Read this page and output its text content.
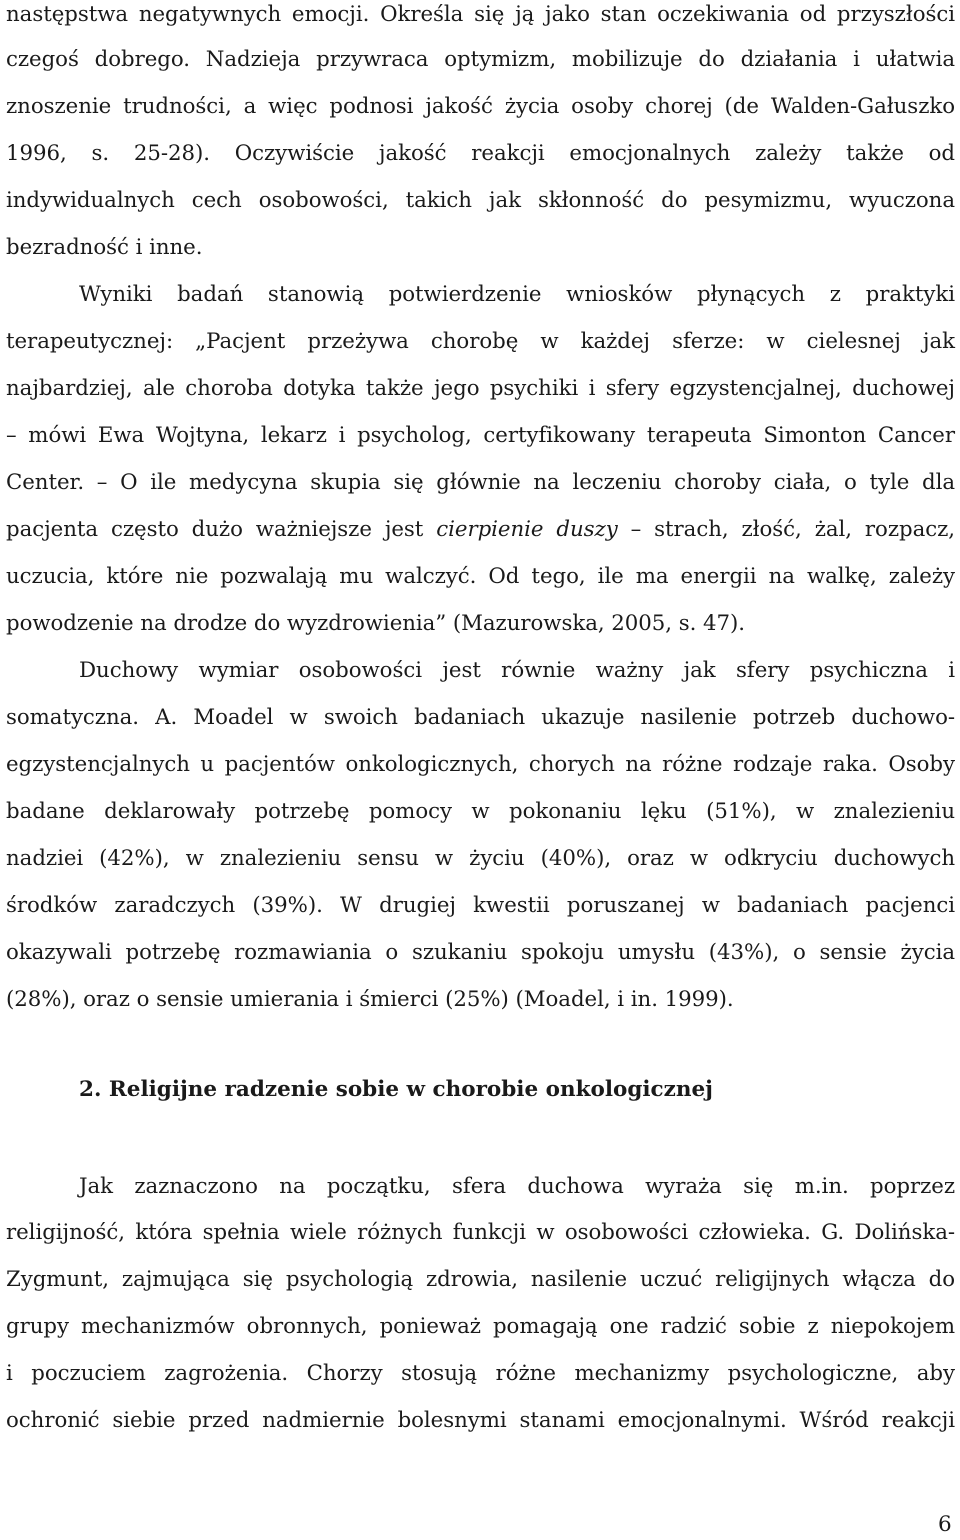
następstwa negatywnych emocji. Określa się ją jako stan oczekiwania od przyszłości
czegoś dobrego. Nadzieja przywraca optymizm, mobilizuje do działania i ułatwia
znoszenie trudności, a więc podnosi jakość życia osoby chorej (de Walden-Gałuszko
1996, s. 25-28). Oczywiście jakość reakcji emocjonalnych zależy także od
indywidualnych cech osobowości, takich jak skłonność do pesymizmu, wyuczona
bezradność i inne.
Wyniki badań stanowią potwierdzenie wniosków płynących z praktyki
terapeutycznej: „Pacjent przeżywa chorobę w każdej sferze: w cielesnej jak
najbardziej, ale choroba dotyka także jego psychiki i sfery egzystencjalnej, duchowej
– mówi Ewa Wojtyna, lekarz i psycholog, certyfikowany terapeuta Simonton Cancer
Center. – O ile medycyna skupia się głównie na leczeniu choroby ciała, o tyle dla
pacjenta często dużo ważniejsze jest cierpienie duszy – strach, złość, żal, rozpacz,
uczucia, które nie pozwalają mu walczyć. Od tego, ile ma energii na walkę, zależy
powodzenie na drodze do wyzdrowienia” (Mazurowska, 2005, s. 47).
Duchowy wymiar osobowości jest równie ważny jak sfery psychiczna i
somatyczna. A. Moadel w swoich badaniach ukazuje nasilenie potrzeb duchowo-
egzystencjalnych u pacjentów onkologicznych, chorych na różne rodzaje raka. Osoby
badane deklarowały potrzebę pomocy w pokonaniu lęku (51%), w znalezieniu
nadziei (42%), w znalezieniu sensu w życiu (40%), oraz w odkryciu duchowych
środków zaradczych (39%). W drugiej kwestii poruszanej w badaniach pacjenci
okazywali potrzebę rozmawiania o szukaniu spokoju umysłu (43%), o sensie życia
(28%), oraz o sensie umierania i śmierci (25%) (Moadel, i in. 1999).
2. Religijne radzenie sobie w chorobie onkologicznej
Jak zaznaczono na początku, sfera duchowa wyraża się m.in. poprzez
religijność, która spełnia wiele różnych funkcji w osobowości człowieka. G. Dolińska-
Zygmunt, zajmująca się psychologią zdrowia, nasilenie uczuć religijnych włącza do
grupy mechanizmów obronnych, ponieważ pomagają one radzić sobie z niepokojem
i poczuciem zagrożenia. Chorzy stosują różne mechanizmy psychologiczne, aby
ochronić siebie przed nadmiernie bolesnymi stanami emocjonalnymi. Wśród reakcji
6
